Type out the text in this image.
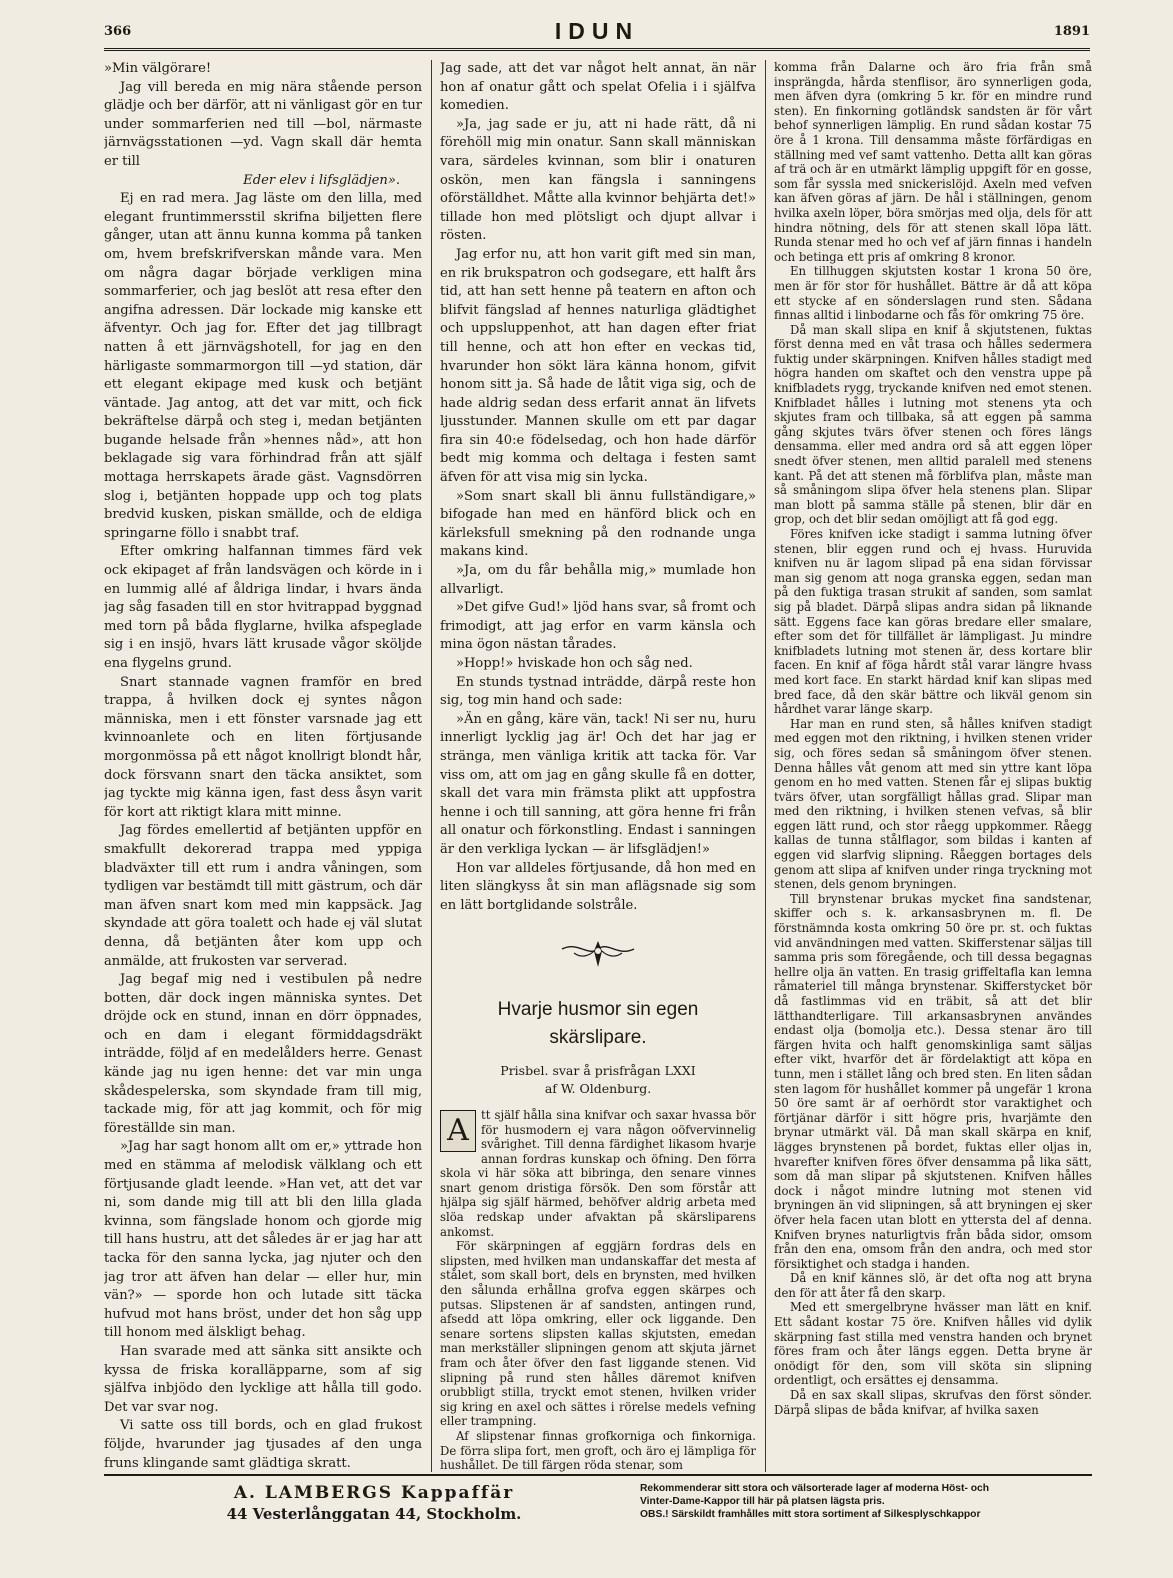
366	IDUN	1891

»Min välgörare!

Jag vill bereda en mig nära stående person glädje och ber därför, att ni vänligast gör en tur under sommarferien ned till —bol, närmaste järnvägsstationen —yd. Vagn skall där hemta er till

Eder elev i lifsglädjen».

Ej en rad mera. Jag läste om den lilla, med elegant fruntimmersstil skrifna biljetten flere gånger, utan att ännu kunna komma på tanken om, hvem brefskrifverskan månde vara. Men om några dagar började verkligen mina sommarferier, och jag beslöt att resa efter den angifna adressen. Där lockade mig kanske ett äfventyr. Och jag for. Efter det jag tillbragt natten å ett järnvägshotell, for jag en den härligaste sommarmorgon till —yd station, där ett elegant ekipage med kusk och betjänt väntade. Jag antog, att det var mitt, och fick bekräftelse därpå och steg i, medan betjänten bugande helsade från »hennes nåd», att hon beklagade sig vara förhindrad från att själf mottaga herrskapets ärade gäst. Vagnsdörren slog i, betjänten hoppade upp och tog plats bredvid kusken, piskan smällde, och de eldiga springarne föllo i snabbt traf.

Efter omkring halfannan timmes färd vek ock ekipaget af från landsvägen och körde in i en lummig allé af åldriga lindar, i hvars ända jag såg fasaden till en stor hvitrappad byggnad med torn på båda flyglarne, hvilka afspeglade sig i en insjö, hvars lätt krusade vågor sköljde ena flygelns grund.

Snart stannade vagnen framför en bred trappa, å hvilken dock ej syntes någon människa, men i ett fönster varsnade jag ett kvinnoanlete och en liten förtjusande morgonmössa på ett något knollrigt blondt hår, dock försvann snart den täcka ansiktet, som jag tyckte mig känna igen, fast dess åsyn varit för kort att riktigt klara mitt minne.

Jag fördes emellertid af betjänten uppför en smakfullt dekorerad trappa med yppiga bladväxter till ett rum i andra våningen, som tydligen var bestämdt till mitt gästrum, och där man äfven snart kom med min kappsäck. Jag skyndade att göra toalett och hade ej väl slutat denna, då betjänten åter kom upp och anmälde, att frukosten var serverad.

Jag begaf mig ned i vestibulen på nedre botten, där dock ingen människa syntes. Det dröjde ock en stund, innan en dörr öppnades, och en dam i elegant förmiddagsdräkt inträdde, följd af en medelålders herre. Genast kände jag nu igen henne: det var min unga skådespelerska, som skyndade fram till mig, tackade mig, för att jag kommit, och för mig föreställde sin man.

»Jag har sagt honom allt om er,» yttrade hon med en stämma af melodisk välklang och ett förtjusande gladt leende. »Han vet, att det var ni, som dande mig till att bli den lilla glada kvinna, som fängslade honom och gjorde mig till hans hustru, att det således är er jag har att tacka för den sanna lycka, jag njuter och den jag tror att äfven han delar — eller hur, min vän?» — sporde hon och lutade sitt täcka hufvud mot hans bröst, under det hon såg upp till honom med älskligt behag.

Han svarade med att sänka sitt ansikte och kyssa de friska koralläpparne, som af sig själfva inbjödo den lycklige att hålla till godo. Det var svar nog.

Vi satte oss till bords, och en glad frukost följde, hvarunder jag tjusades af den unga fruns klingande samt glädtiga skratt.

Jag sade, att det var något helt annat, än när hon af onatur gått och spelat Ofelia i i själfva komedien.

»Ja, jag sade er ju, att ni hade rätt, då ni förehöll mig min onatur. Sann skall människan vara, särdeles kvinnan, som blir i onaturen oskön, men kan fängsla i sanningens oförställdhet. Måtte alla kvinnor behjärta det!» tillade hon med plötsligt och djupt allvar i rösten.

Jag erfor nu, att hon varit gift med sin man, en rik brukspatron och godsegare, ett halft års tid, att han sett henne på teatern en afton och blifvit fängslad af hennes naturliga glädtighet och uppsluppenhot, att han dagen efter friat till henne, och att hon efter en veckas tid, hvarunder hon sökt lära känna honom, gifvit honom sitt ja. Så hade de låtit viga sig, och de hade aldrig sedan dess erfarit annat än lifvets ljusstunder. Mannen skulle om ett par dagar fira sin 40:e födelsedag, och hon hade därför bedt mig komma och deltaga i festen samt äfven för att visa mig sin lycka.

»Som snart skall bli ännu fullständigare,» bifogade han med en hänförd blick och en kärleksfull smekning på den rodnande unga makans kind.

»Ja, om du får behålla mig,» mumlade hon allvarligt.

»Det gifve Gud!» ljöd hans svar, så fromt och frimodigt, att jag erfor en varm känsla och mina ögon nästan tårades.

»Hopp!» hviskade hon och såg ned.

En stunds tystnad inträdde, därpå reste hon sig, tog min hand och sade:

»Än en gång, käre vän, tack! Ni ser nu, huru innerligt lycklig jag är! Och det har jag er stränga, men vänliga kritik att tacka för. Var viss om, att om jag en gång skulle få en dotter, skall det vara min främsta plikt att uppfostra henne i och till sanning, att göra henne fri från all onatur och förkonstling. Endast i sanningen är den verkliga lyckan — är lifsglädjen!»

Hon var alldeles förtjusande, då hon med en liten slängkyss åt sin man aflägsnade sig som en lätt bortglidande solstråle.

Hvarje husmor sin egen
skärslipare.
Prisbel. svar å prisfrågan LXXI
af W. Oldenburg.

A	tt själf hålla sina knifvar och saxar hvassa bör för husmodern ej vara någon oöfvervinnelig svårighet. Till denna färdighet likasom hvarje annan fordras kunskap och öfning. Den förra skola vi här söka att bibringa, den senare vinnes snart genom dristiga försök. Den som förstår att hjälpa sig själf härmed, behöfver aldrig arbeta med slöa redskap under afvaktan på skärsliparens ankomst.

För skärpningen af eggjärn fordras dels en slipsten, med hvilken man undanskaffar det mesta af stålet, som skall bort, dels en brynsten, med hvilken den sålunda erhållna grofva eggen skärpes och putsas. Slipstenen är af sandsten, antingen rund, afsedd att löpa omkring, eller ock liggande. Den senare sortens slipsten kallas skjutsten, emedan man merkställer slipningen genom att skjuta järnet fram och åter öfver den fast liggande stenen. Vid slipning på rund sten hålles däremot knifven orubbligt stilla, tryckt emot stenen, hvilken vrider sig kring en axel och sättes i rörelse medels vefning eller trampning.

Af slipstenar finnas grofkorniga och finkorniga. De förra slipa fort, men groft, och äro ej lämpliga för hushållet. De till färgen röda stenar, som

komma från Dalarne och äro fria från små insprängda, hårda stenflisor, äro synnerligen goda, men äfven dyra (omkring 5 kr. för en mindre rund sten). En finkorning gotländsk sandsten är för vårt behof synnerligen lämplig. En rund sådan kostar 75 öre å 1 krona. Till densamma måste förfärdigas en ställning med vef samt vattenho. Detta allt kan göras af trä och är en utmärkt lämplig uppgift för en gosse, som får syssla med snickerislöjd. Axeln med vefven kan äfven göras af järn. De hål i ställningen, genom hvilka axeln löper, böra smörjas med olja, dels för att hindra nötning, dels för att stenen skall löpa lätt. Runda stenar med ho och vef af järn finnas i handeln och betinga ett pris af omkring 8 kronor.

En tillhuggen skjutsten kostar 1 krona 50 öre, men är för stor för hushållet. Bättre är då att köpa ett stycke af en sönderslagen rund sten. Sådana finnas alltid i linbodarne och fås för omkring 75 öre.

Då man skall slipa en knif å skjutstenen, fuktas först denna med en våt trasa och hålles sedermera fuktig under skärpningen. Knifven hålles stadigt med högra handen om skaftet och den venstra uppe på knifbladets rygg, tryckande knifven ned emot stenen. Knifbladet hålles i lutning mot stenens yta och skjutes fram och tillbaka, så att eggen på samma gång skjutes tvärs öfver stenen och föres längs densamma. eller med andra ord så att eggen löper snedt öfver stenen, men alltid paralell med stenens kant. På det att stenen må förblifva plan, måste man så småningom slipa öfver hela stenens plan. Slipar man blott på samma ställe på stenen, blir där en grop, och det blir sedan omöjligt att få god egg.

Föres knifven icke stadigt i samma lutning öfver stenen, blir eggen rund och ej hvass. Huruvida knifven nu är lagom slipad på ena sidan förvissar man sig genom att noga granska eggen, sedan man på den fuktiga trasan strukit af sanden, som samlat sig på bladet. Därpå slipas andra sidan på liknande sätt. Eggens face kan göras bredare eller smalare, efter som det för tillfället är lämpligast. Ju mindre knifbladets lutning mot stenen är, dess kortare blir facen. En knif af föga hårdt stål varar längre hvass med kort face. En starkt härdad knif kan slipas med bred face, då den skär bättre och likväl genom sin hårdhet varar länge skarp.

Har man en rund sten, så hålles knifven stadigt med eggen mot den riktning, i hvilken stenen vrider sig, och föres sedan så småningom öfver stenen. Denna hålles våt genom att med sin yttre kant löpa genom en ho med vatten. Stenen får ej slipas buktig tvärs öfver, utan sorgfälligt hållas grad. Slipar man med den riktning, i hvilken stenen vefvas, så blir eggen lätt rund, och stor råegg uppkommer. Råegg kallas de tunna stålflagor, som bildas i kanten af eggen vid slarfvig slipning. Råeggen bortages dels genom att slipa af knifven under ringa tryckning mot stenen, dels genom bryningen.

Till brynstenar brukas mycket fina sandstenar, skiffer och s. k. arkansasbrynen m. fl. De förstnämnda kosta omkring 50 öre pr. st. och fuktas vid användningen med vatten. Skifferstenar säljas till samma pris som föregående, och till dessa begagnas hellre olja än vatten. En trasig griffeltafla kan lemna råmateriel till många brynstenar. Skifferstycket bör då fastlimmas vid en träbit, så att det blir lätthandterligare. Till arkansasbrynen användes endast olja (bomolja etc.). Dessa stenar äro till färgen hvita och halft genomskinliga samt säljas efter vikt, hvarför det är fördelaktigt att köpa en tunn, men i stället lång och bred sten. En liten sådan sten lagom för hushållet kommer på ungefär 1 krona 50 öre samt är af oerhördt stor varaktighet och förtjänar därför i sitt högre pris, hvarjämte den brynar utmärkt väl. Då man skall skärpa en knif, lägges brynstenen på bordet, fuktas eller oljas in, hvarefter knifven föres öfver densamma på lika sätt, som då man slipar på skjutstenen. Knifven hålles dock i något mindre lutning mot stenen vid bryningen än vid slipningen, så att bryningen ej sker öfver hela facen utan blott en yttersta del af denna. Knifven brynes naturligtvis från båda sidor, omsom från den ena, omsom från den andra, och med stor försiktighet och stadga i handen.

Då en knif kännes slö, är det ofta nog att bryna den för att åter få den skarp.

Med ett smergelbryne hvässer man lätt en knif. Ett sådant kostar 75 öre. Knifven hålles vid dylik skärpning fast stilla med venstra handen och brynet föres fram och åter längs eggen. Detta bryne är onödigt för den, som vill sköta sin slipning ordentligt, och ersättes ej densamma.

Då en sax skall slipas, skrufvas den först sönder. Därpå slipas de båda knifvar, af hvilka saxen

A. LAMBERGS Kappaffär
44 Vesterlånggatan 44, Stockholm.
Rekommenderar sitt stora och välsorterade lager af moderna Höst- och
Vinter-Dame-Kappor till här på platsen lägsta pris.
OBS.! Särskildt framhålles mitt stora sortiment af Silkesplyschkappor
